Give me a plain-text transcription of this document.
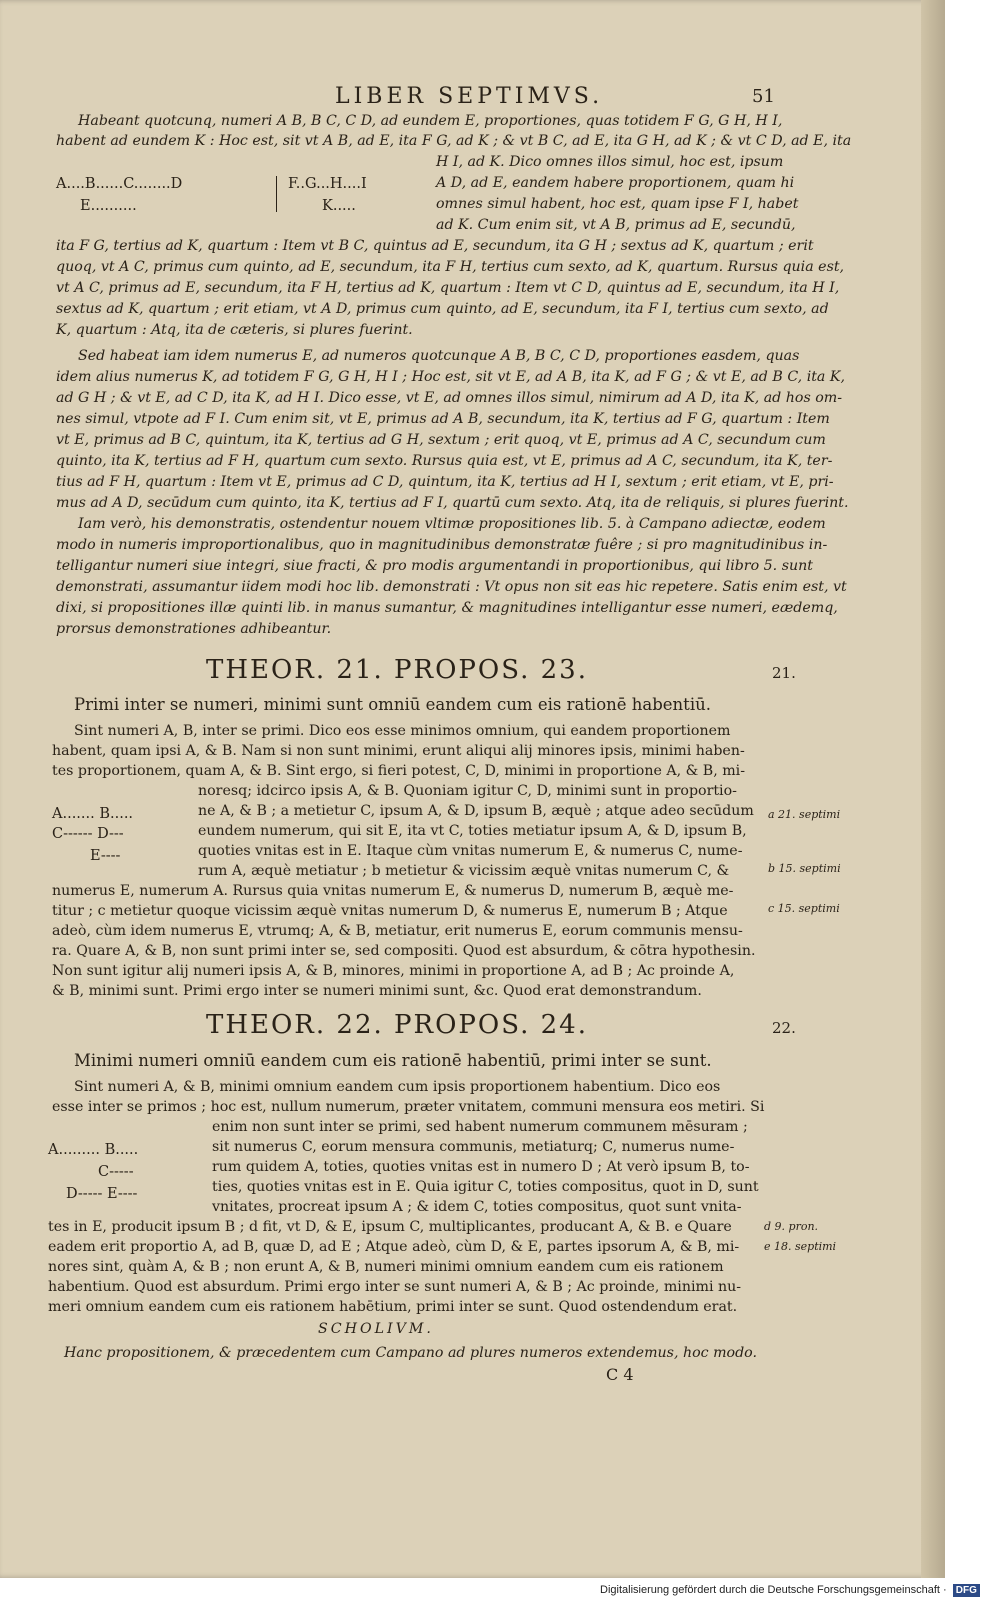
LIBER SEPTIMVS.	51
Habeant quotcunq, numeri A B, B C, C D, ad eundem E, proportiones, quas totidem F G, G H, H I,
habent ad eundem K : Hoc est, sit vt A B, ad E, ita F G, ad K ; & vt B C, ad E, ita G H, ad K ; & vt C D, ad E, ita
H I, ad K. Dico omnes illos simul, hoc est, ipsum
A D, ad E, eandem habere proportionem, quam hi
omnes simul habent, hoc est, quam ipse F I, habet
ad K. Cum enim sit, vt A B, primus ad E, secundū,
ita F G, tertius ad K, quartum : Item vt B C, quintus ad E, secundum, ita G H ; sextus ad K, quartum ; erit
quoq, vt A C, primus cum quinto, ad E, secundum, ita F H, tertius cum sexto, ad K, quartum. Rursus quia est,
vt A C, primus ad E, secundum, ita F H, tertius ad K, quartum : Item vt C D, quintus ad E, secundum, ita H I,
sextus ad K, quartum ; erit etiam, vt A D, primus cum quinto, ad E, secundum, ita F I, tertius cum sexto, ad
K, quartum : Atq, ita de cæteris, si plures fuerint.
A....B......C........D	F..G...H....I
E..........	K.....
Sed habeat iam idem numerus E, ad numeros quotcunque A B, B C, C D, proportiones easdem, quas
idem alius numerus K, ad totidem F G, G H, H I ; Hoc est, sit vt E, ad A B, ita K, ad F G ; & vt E, ad B C, ita K,
ad G H ; & vt E, ad C D, ita K, ad H I. Dico esse, vt E, ad omnes illos simul, nimirum ad A D, ita K, ad hos om-
nes simul, vtpote ad F I. Cum enim sit, vt E, primus ad A B, secundum, ita K, tertius ad F G, quartum : Item
vt E, primus ad B C, quintum, ita K, tertius ad G H, sextum ; erit quoq, vt E, primus ad A C, secundum cum
quinto, ita K, tertius ad F H, quartum cum sexto. Rursus quia est, vt E, primus ad A C, secundum, ita K, ter-
tius ad F H, quartum : Item vt E, primus ad C D, quintum, ita K, tertius ad H I, sextum ; erit etiam, vt E, pri-
mus ad A D, secūdum cum quinto, ita K, tertius ad F I, quartū cum sexto. Atq, ita de reliquis, si plures fuerint.
Iam verò, his demonstratis, ostendentur nouem vltimæ propositiones lib. 5. à Campano adiectæ, eodem
modo in numeris improportionalibus, quo in magnitudinibus demonstratæ fuêre ; si pro magnitudinibus in-
telligantur numeri siue integri, siue fracti, & pro modis argumentandi in proportionibus, qui libro 5. sunt
demonstrati, assumantur iidem modi hoc lib. demonstrati : Vt opus non sit eas hic repetere. Satis enim est, vt
dixi, si propositiones illæ quinti lib. in manus sumantur, & magnitudines intelligantur esse numeri, eædemq,
prorsus demonstrationes adhibeantur.
THEOR. 21. PROPOS. 23.	21.
Primi inter se numeri, minimi sunt omniū eandem cum eis rationē habentiū.
Sint numeri A, B, inter se primi. Dico eos esse minimos omnium, qui eandem proportionem
habent, quam ipsi A, & B. Nam si non sunt minimi, erunt aliqui alij minores ipsis, minimi haben-
tes proportionem, quam A, & B. Sint ergo, si fieri potest, C, D, minimi in proportione A, & B, mi-
noresq; idcirco ipsis A, & B. Quoniam igitur C, D, minimi sunt in proportio-
ne A, & B ; a metietur C, ipsum A, & D, ipsum B, æquè ; atque adeo secūdum
eundem numerum, qui sit E, ita vt C, toties metiatur ipsum A, & D, ipsum B,
quoties vnitas est in E. Itaque cùm vnitas numerum E, & numerus C, nume-
rum A, æquè metiatur ; b metietur & vicissim æquè vnitas numerum C, &
numerus E, numerum A. Rursus quia vnitas numerum E, & numerus D, numerum B, æquè me-
titur ; c metietur quoque vicissim æquè vnitas numerum D, & numerus E, numerum B ; Atque
adeò, cùm idem numerus E, vtrumq; A, & B, metiatur, erit numerus E, eorum communis mensu-
ra. Quare A, & B, non sunt primi inter se, sed compositi. Quod est absurdum, & cōtra hypothesin.
Non sunt igitur alij numeri ipsis A, & B, minores, minimi in proportione A, ad B ; Ac proinde A,
& B, minimi sunt. Primi ergo inter se numeri minimi sunt, &c. Quod erat demonstrandum.
A....... B.....
C------ D---
E----
a 21. septimi
b 15. septimi
c 15. septimi
THEOR. 22. PROPOS. 24.	22.
Minimi numeri omniū eandem cum eis rationē habentiū, primi inter se sunt.
Sint numeri A, & B, minimi omnium eandem cum ipsis proportionem habentium. Dico eos
esse inter se primos ; hoc est, nullum numerum, præter vnitatem, communi mensura eos metiri. Si
enim non sunt inter se primi, sed habent numerum communem mēsuram ;
sit numerus C, eorum mensura communis, metiaturq; C, numerus nume-
rum quidem A, toties, quoties vnitas est in numero D ; At verò ipsum B, to-
ties, quoties vnitas est in E. Quia igitur C, toties compositus, quot in D, sunt
vnitates, procreat ipsum A ; & idem C, toties compositus, quot sunt vnita-
tes in E, producit ipsum B ; d fit, vt D, & E, ipsum C, multiplicantes, producant A, & B. e Quare
eadem erit proportio A, ad B, quæ D, ad E ; Atque adeò, cùm D, & E, partes ipsorum A, & B, mi-
nores sint, quàm A, & B ; non erunt A, & B, numeri minimi omnium eandem cum eis rationem
habentium. Quod est absurdum. Primi ergo inter se sunt numeri A, & B ; Ac proinde, minimi nu-
meri omnium eandem cum eis rationem habētium, primi inter se sunt. Quod ostendendum erat.
A......... B.....
C-----
D----- E----
d 9. pron.
e 18. septimi
SCHOLIVM.
Hanc propositionem, & præcedentem cum Campano ad plures numeros extendemus, hoc modo.
C 4
Digitalisierung gefördert durch die Deutsche Forschungsgemeinschaft · DFG
